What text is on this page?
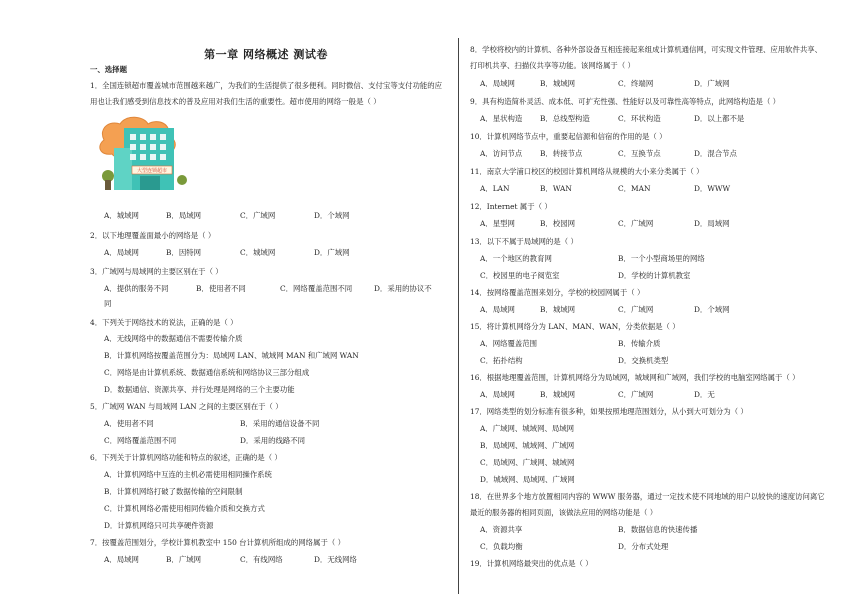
第一章 网络概述 测试卷
一、选择题
1．全国连锁超市覆盖城市范围越来越广，为我们的生活提供了很多便利。同时微信、支付宝等支付功能的应
用也让我们感受到信息技术的普及应用对我们生活的重要性。超市使用的网络一般是（ ）
大型连锁超市
A．城域网	B．局域网	C．广域网	D．个域网
2．以下地理覆盖面最小的网络是（ ）
A．局域网	B．因特网	C．城域网	D．广域网
3．广域网与局域网的主要区别在于（ ）
A．提供的服务不同	B．使用者不同	C．网络覆盖范围不同	D．采用的协议不
同
4．下列关于网络技术的说法，正确的是（ ）
A．无线网络中的数据通信不需要传输介质
B．计算机网络按覆盖范围分为：局域网 LAN、城域网 MAN 和广域网 WAN
C．网络是由计算机系统、数据通信系统和网络协议三部分组成
D．数据通信、资源共享、并行处理是网络的三个主要功能
5．广域网 WAN 与局域网 LAN 之间的主要区别在于（ ）
A．使用者不同	B．采用的通信设备不同
C．网络覆盖范围不同	D．采用的线路不同
6．下列关于计算机网络功能和特点的叙述，正确的是（ ）
A．计算机网络中互连的主机必需使用相同操作系统
B．计算机网络打破了数据传输的空间限制
C．计算机网络必需使用相同传输介质和交换方式
D．计算机网络只可共享硬件资源
7．按覆盖范围划分，学校计算机教室中 150 台计算机所组成的网络属于（ ）
A．局域网	B．广域网	C．有线网络	D．无线网络
8．学校将校内的计算机、各种外部设备互相连接起来组成计算机通信网，可实现文件管理、应用软件共享、
打印机共享、扫描仪共享等功能。该网络属于（ ）
A．局域网	B．城域网	C．终端网	D．广域网
9．具有构造简朴灵活、成本低、可扩充性强、性能好以及可靠性高等特点，此网络构造是（ ）
A．星状构造 B．总线型构造	C．环状构造	D．以上都不是
10．计算机网络节点中，重要起信源和信宿的作用的是（ ）
A．访问节点 B．转接节点	C．互换节点	D．混合节点
11．南京大学浦口校区的校园计算机网络从规模的大小来分类属于（ ）
A．LAN	B．WAN	C．MAN	D．WWW
12．Internet 属于（ ）
A．星型网	B．校园网	C．广域网	D．局域网
13．以下不属于局域网的是（ ）
A．一个地区的教育网	B．一个小型商场里的网络
C．校园里的电子阅览室	D．学校的计算机教室
14．按网络覆盖范围来划分，学校的校园网属于（ ）
A．局域网	B．城域网	C．广域网	D．个域网
15．将计算机网络分为 LAN、MAN、WAN，分类依据是（ ）
A．网络覆盖范围	B．传输介质
C．拓扑结构	D．交换机类型
16．根据地理覆盖范围，计算机网络分为局域网，城域网和广域网，我们学校的电脑室网络属于（ ）
A．局域网	B．城域网	C．广域网	D．无
17．网络类型的划分标准有很多种，如果按照地理范围划分，从小到大可划分为（ ）
A．广域网、城域网、局域网
B．局域网、城域网、广域网
C．局域网、广域网、城域网
D．城域网、局域网、广域网
18．在世界多个地方放置相同内容的 WWW 服务器，通过一定技术使不同地域的用户以较快的速度访问离它
最近的服务器的相同页面，该做法应用的网络功能是（ ）
A．资源共享	B．数据信息的快速传播
C．负载均衡	D．分布式处理
19．计算机网络最突出的优点是（ ）
